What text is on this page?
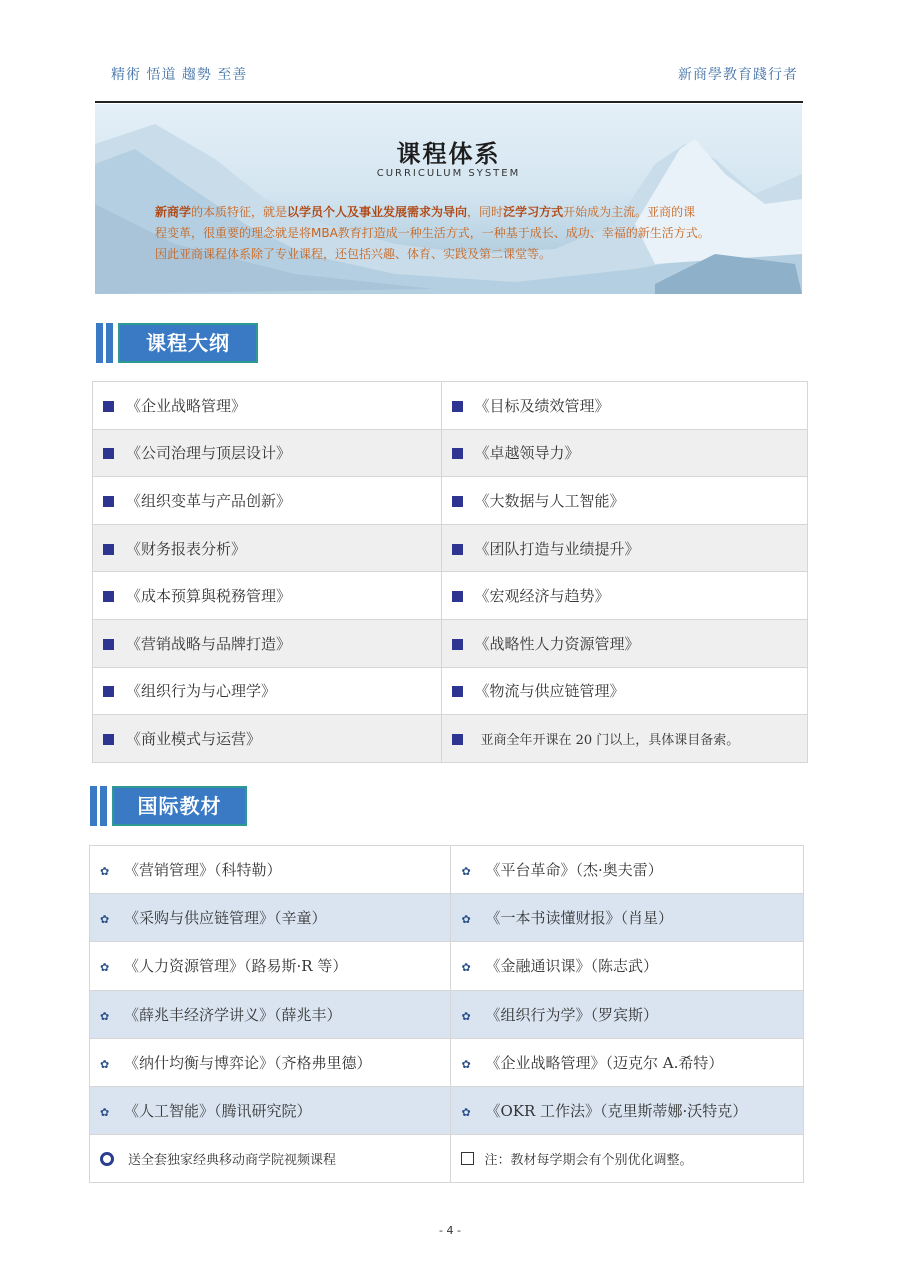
精術 悟道 趨勢 至善	新商學教育踐行者
课程体系
CURRICULUM SYSTEM
新商学的本质特征，就是以学员个人及事业发展需求为导向，同时泛学习方式开始成为主流。亚商的课
程变革，很重要的理念就是将MBA教育打造成一种生活方式，一种基于成长、成功、幸福的新生活方式。
因此亚商课程体系除了专业课程，还包括兴趣、体育、实践及第二课堂等。
课程大纲
《企业战略管理》	《目标及绩效管理》
《公司治理与顶层设计》	《卓越领导力》
《组织变革与产品创新》	《大数据与人工智能》
《财务报表分析》	《团队打造与业绩提升》
《成本预算與税務管理》	《宏观经济与趋势》
《营销战略与品牌打造》	《战略性人力资源管理》
《组织行为与心理学》	《物流与供应链管理》
《商业模式与运营》	亚商全年开课在 20 门以上，具体课目备索。
国际教材
✿ 《营销管理》（科特勒）	✿ 《平台革命》（杰·奥夫雷）
✿ 《采购与供应链管理》（辛童）	✿ 《一本书读懂财报》（肖星）
✿ 《人力资源管理》（路易斯·R 等）	✿ 《金融通识课》（陈志武）
✿ 《薛兆丰经济学讲义》（薛兆丰）	✿ 《组织行为学》（罗宾斯）
✿ 《纳什均衡与博弈论》（齐格弗里德）	✿ 《企业战略管理》（迈克尔 A.希特）
✿ 《人工智能》（腾讯研究院）	✿ 《OKR 工作法》（克里斯蒂娜·沃特克）
送全套独家经典移动商学院视频课程	注：教材每学期会有个别优化调整。
- 4 -
